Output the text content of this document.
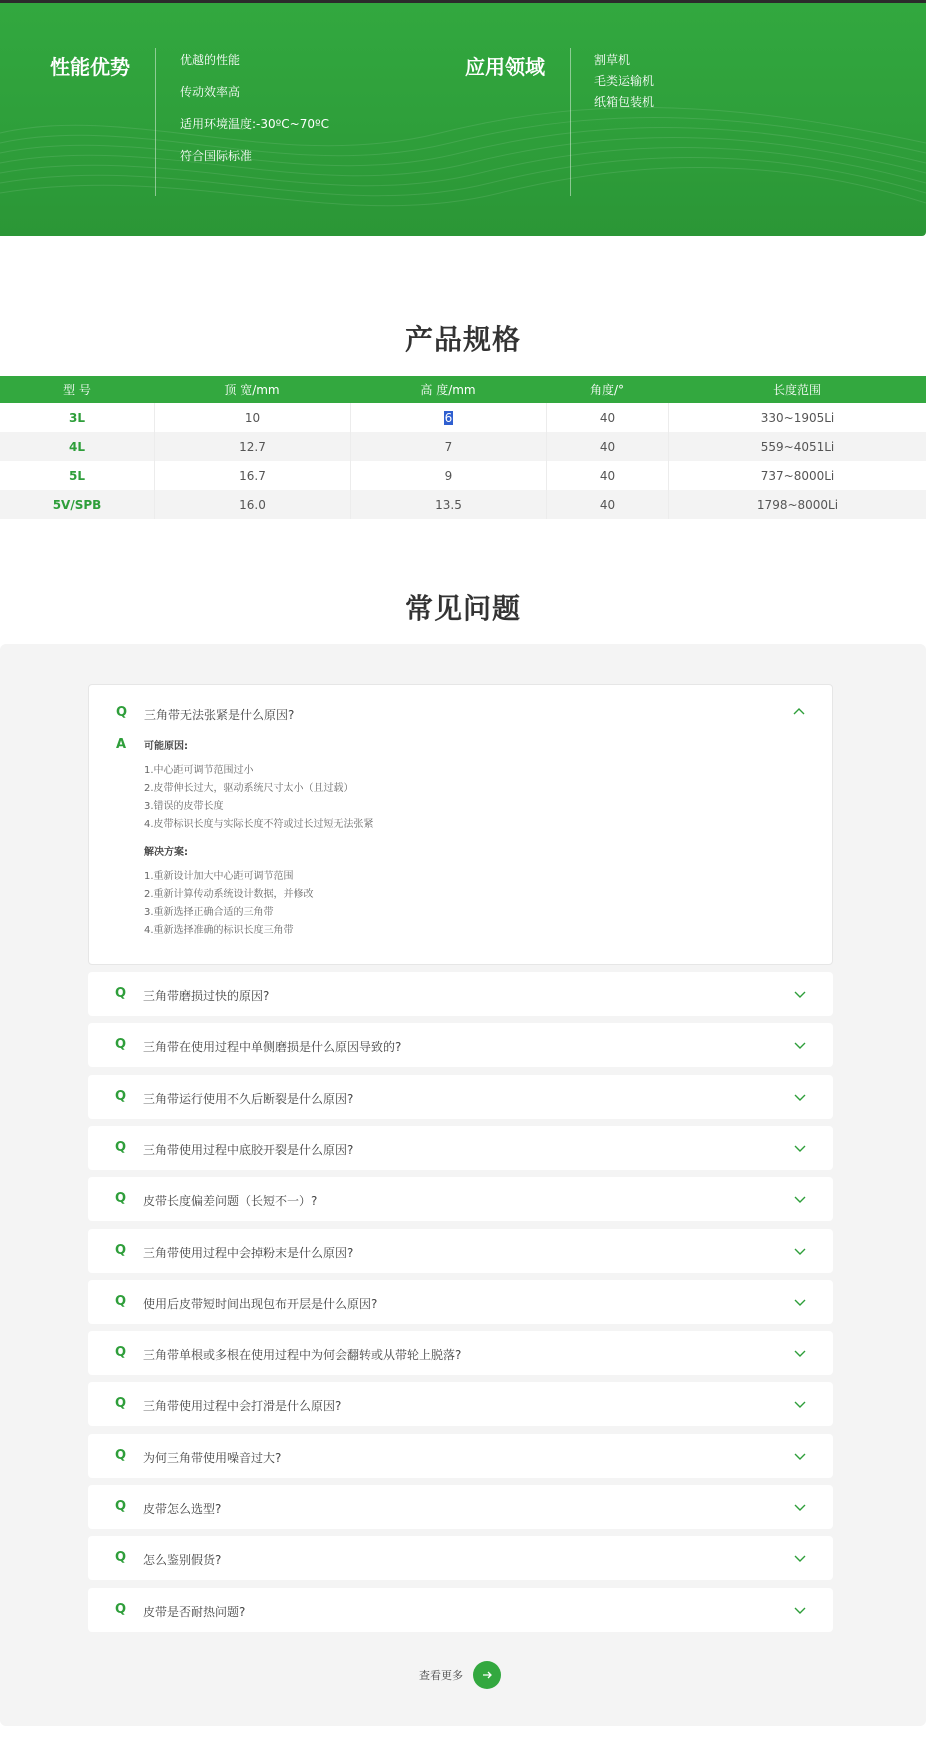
性能优势	优越的性能
传动效率高
适用环境温度:-30ºC~70ºC
符合国际标准
应用领域	割草机
毛类运输机
纸箱包装机
产品规格
型 号	顶 宽/mm	高 度/mm	角度/°	长度范围
3L	10	6	40	330~1905Li
4L	12.7	7	40	559~4051Li
5L	16.7	9	40	737~8000Li
5V/SPB	16.0	13.5	40	1798~8000Li
常见问题
Q 三角带无法张紧是什么原因?
A 可能原因:
1.中心距可调节范围过小
2.皮带伸长过大，驱动系统尺寸太小（且过载）
3.错误的皮带长度
4.皮带标识长度与实际长度不符或过长过短无法张紧
解决方案:
1.重新设计加大中心距可调节范围
2.重新计算传动系统设计数据，并修改
3.重新选择正确合适的三角带
4.重新选择准确的标识长度三角带
Q 三角带磨损过快的原因?
Q 三角带在使用过程中单侧磨损是什么原因导致的?
Q 三角带运行使用不久后断裂是什么原因?
Q 三角带使用过程中底胶开裂是什么原因?
Q 皮带长度偏差问题（长短不一）?
Q 三角带使用过程中会掉粉末是什么原因?
Q 使用后皮带短时间出现包布开层是什么原因?
Q 三角带单根或多根在使用过程中为何会翻转或从带轮上脱落?
Q 三角带使用过程中会打滑是什么原因?
Q 为何三角带使用噪音过大?
Q 皮带怎么选型?
Q 怎么鉴别假货?
Q 皮带是否耐热问题?
查看更多
